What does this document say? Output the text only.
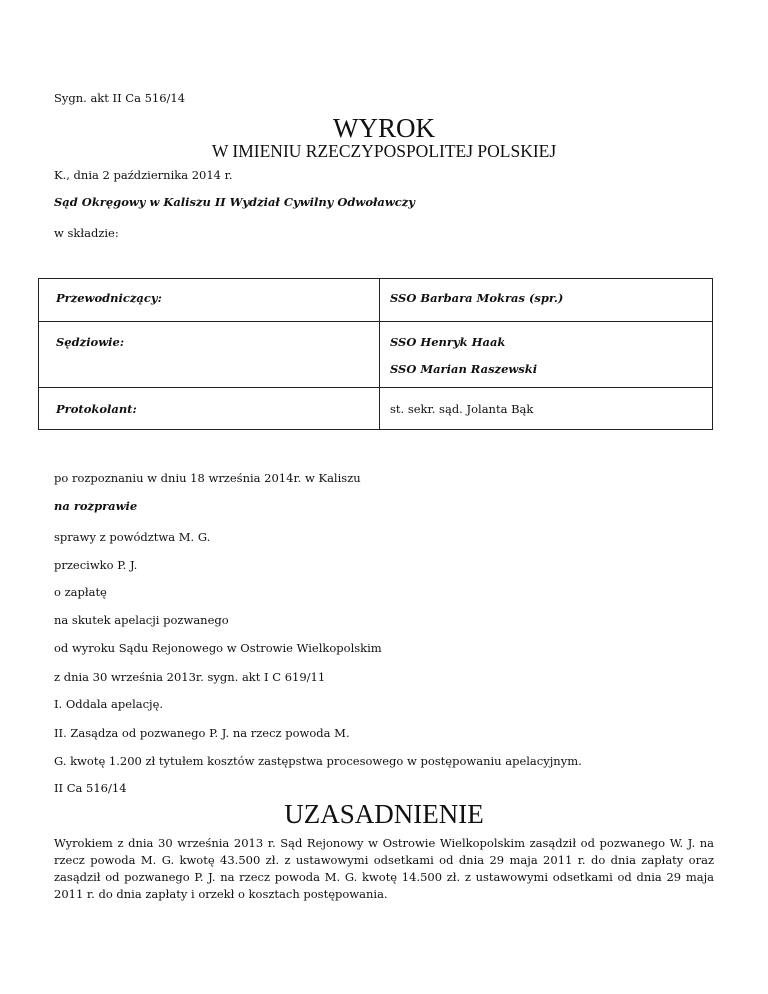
Sygn. akt II Ca 516/14
WYROK
W IMIENIU RZECZYPOSPOLITEJ POLSKIEJ
K., dnia 2 października 2014 r.
Sąd Okręgowy w Kaliszu II Wydział Cywilny Odwoławczy
w składzie:
Przewodniczący:	SSO Barbara Mokras (spr.)
Sędziowie:	SSO Henryk Haak
SSO Marian Raszewski
Protokolant:	st. sekr. sąd. Jolanta Bąk
po rozpoznaniu w dniu 18 września 2014r. w Kaliszu
na rozprawie
sprawy z powództwa M. G.
przeciwko P. J.
o zapłatę
na skutek apelacji pozwanego
od wyroku Sądu Rejonowego w Ostrowie Wielkopolskim
z dnia 30 września 2013r. sygn. akt I C 619/11
I. Oddala apelację.
II. Zasądza od pozwanego P. J. na rzecz powoda M.
G. kwotę 1.200 zł tytułem kosztów zastępstwa procesowego w postępowaniu apelacyjnym.
II Ca 516/14
UZASADNIENIE
Wyrokiem z dnia 30 września 2013 r. Sąd Rejonowy w Ostrowie Wielkopolskim zasądził od pozwanego W. J. na rzecz powoda M. G. kwotę 43.500 zł. z ustawowymi odsetkami od dnia 29 maja 2011 r. do dnia zapłaty oraz zasądził od pozwanego P. J. na rzecz powoda M. G. kwotę 14.500 zł. z ustawowymi odsetkami od dnia 29 maja 2011 r. do dnia zapłaty i orzekł o kosztach postępowania.
